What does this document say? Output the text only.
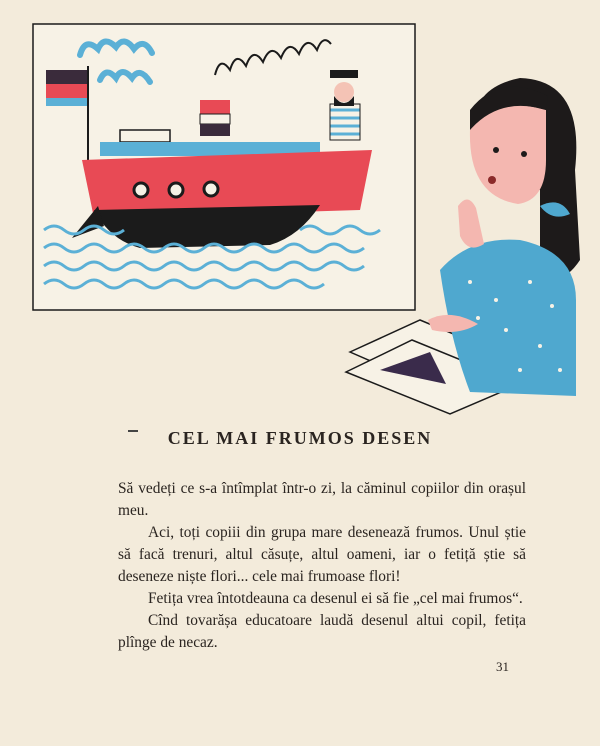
CEL MAI FRUMOS DESEN

Să vedeți ce s-a întîmplat într-o zi, la căminul copiilor din orașul meu.

Aci, toți copiii din grupa mare desenează frumos. Unul știe să facă trenuri, altul căsuțe, altul oameni, iar o fetiță știe să deseneze niște flori... cele mai frumoase flori!

Fetița vrea întotdeauna ca desenul ei să fie „cel mai frumos“.

Cînd tovarășa educatoare laudă desenul altui copil, fetița plînge de necaz.

31
